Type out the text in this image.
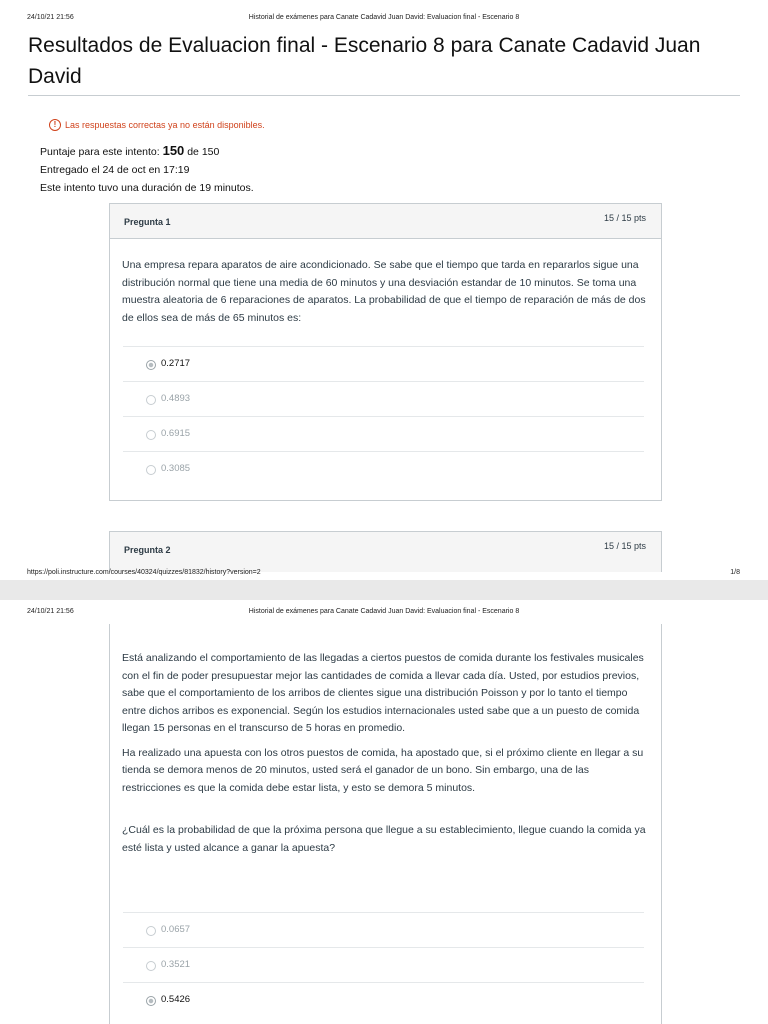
24/10/21 21:56	Historial de exámenes para Canate Cadavid Juan David: Evaluacion final - Escenario 8
Resultados de Evaluacion final - Escenario 8 para Canate Cadavid Juan David
! Las respuestas correctas ya no están disponibles.
Puntaje para este intento: 150 de 150
Entregado el 24 de oct en 17:19
Este intento tuvo una duración de 19 minutos.
Pregunta 1	15 / 15 pts

Una empresa repara aparatos de aire acondicionado. Se sabe que el tiempo que tarda en repararlos sigue una distribución normal que tiene una media de 60 minutos y una desviación estandar de 10 minutos. Se toma una muestra aleatoria de 6 reparaciones de aparatos. La probabilidad de que el tiempo de reparación de más de dos de ellos sea de más de 65 minutos es:

0.2717
0.4893
0.6915
0.3085
Pregunta 2	15 / 15 pts
https://poli.instructure.com/courses/40324/quizzes/81832/history?version=2	1/8
24/10/21 21:56	Historial de exámenes para Canate Cadavid Juan David: Evaluacion final - Escenario 8

Está analizando el comportamiento de las llegadas a ciertos puestos de comida durante los festivales musicales con el fin de poder presupuestar mejor las cantidades de comida a llevar cada día. Usted, por estudios previos, sabe que el comportamiento de los arribos de clientes sigue una distribución Poisson y por lo tanto el tiempo entre dichos arribos es exponencial. Según los estudios internacionales usted sabe que a un puesto de comida llegan 15 personas en el transcurso de 5 horas en promedio.

Ha realizado una apuesta con los otros puestos de comida, ha apostado que, si el próximo cliente en llegar a su tienda se demora menos de 20 minutos, usted será el ganador de un bono. Sin embargo, una de las restricciones es que la comida debe estar lista, y esto se demora 5 minutos.

¿Cuál es la probabilidad de que la próxima persona que llegue a su establecimiento, llegue cuando la comida ya esté lista y usted alcance a ganar la apuesta?

0.0657
0.3521
0.5426
